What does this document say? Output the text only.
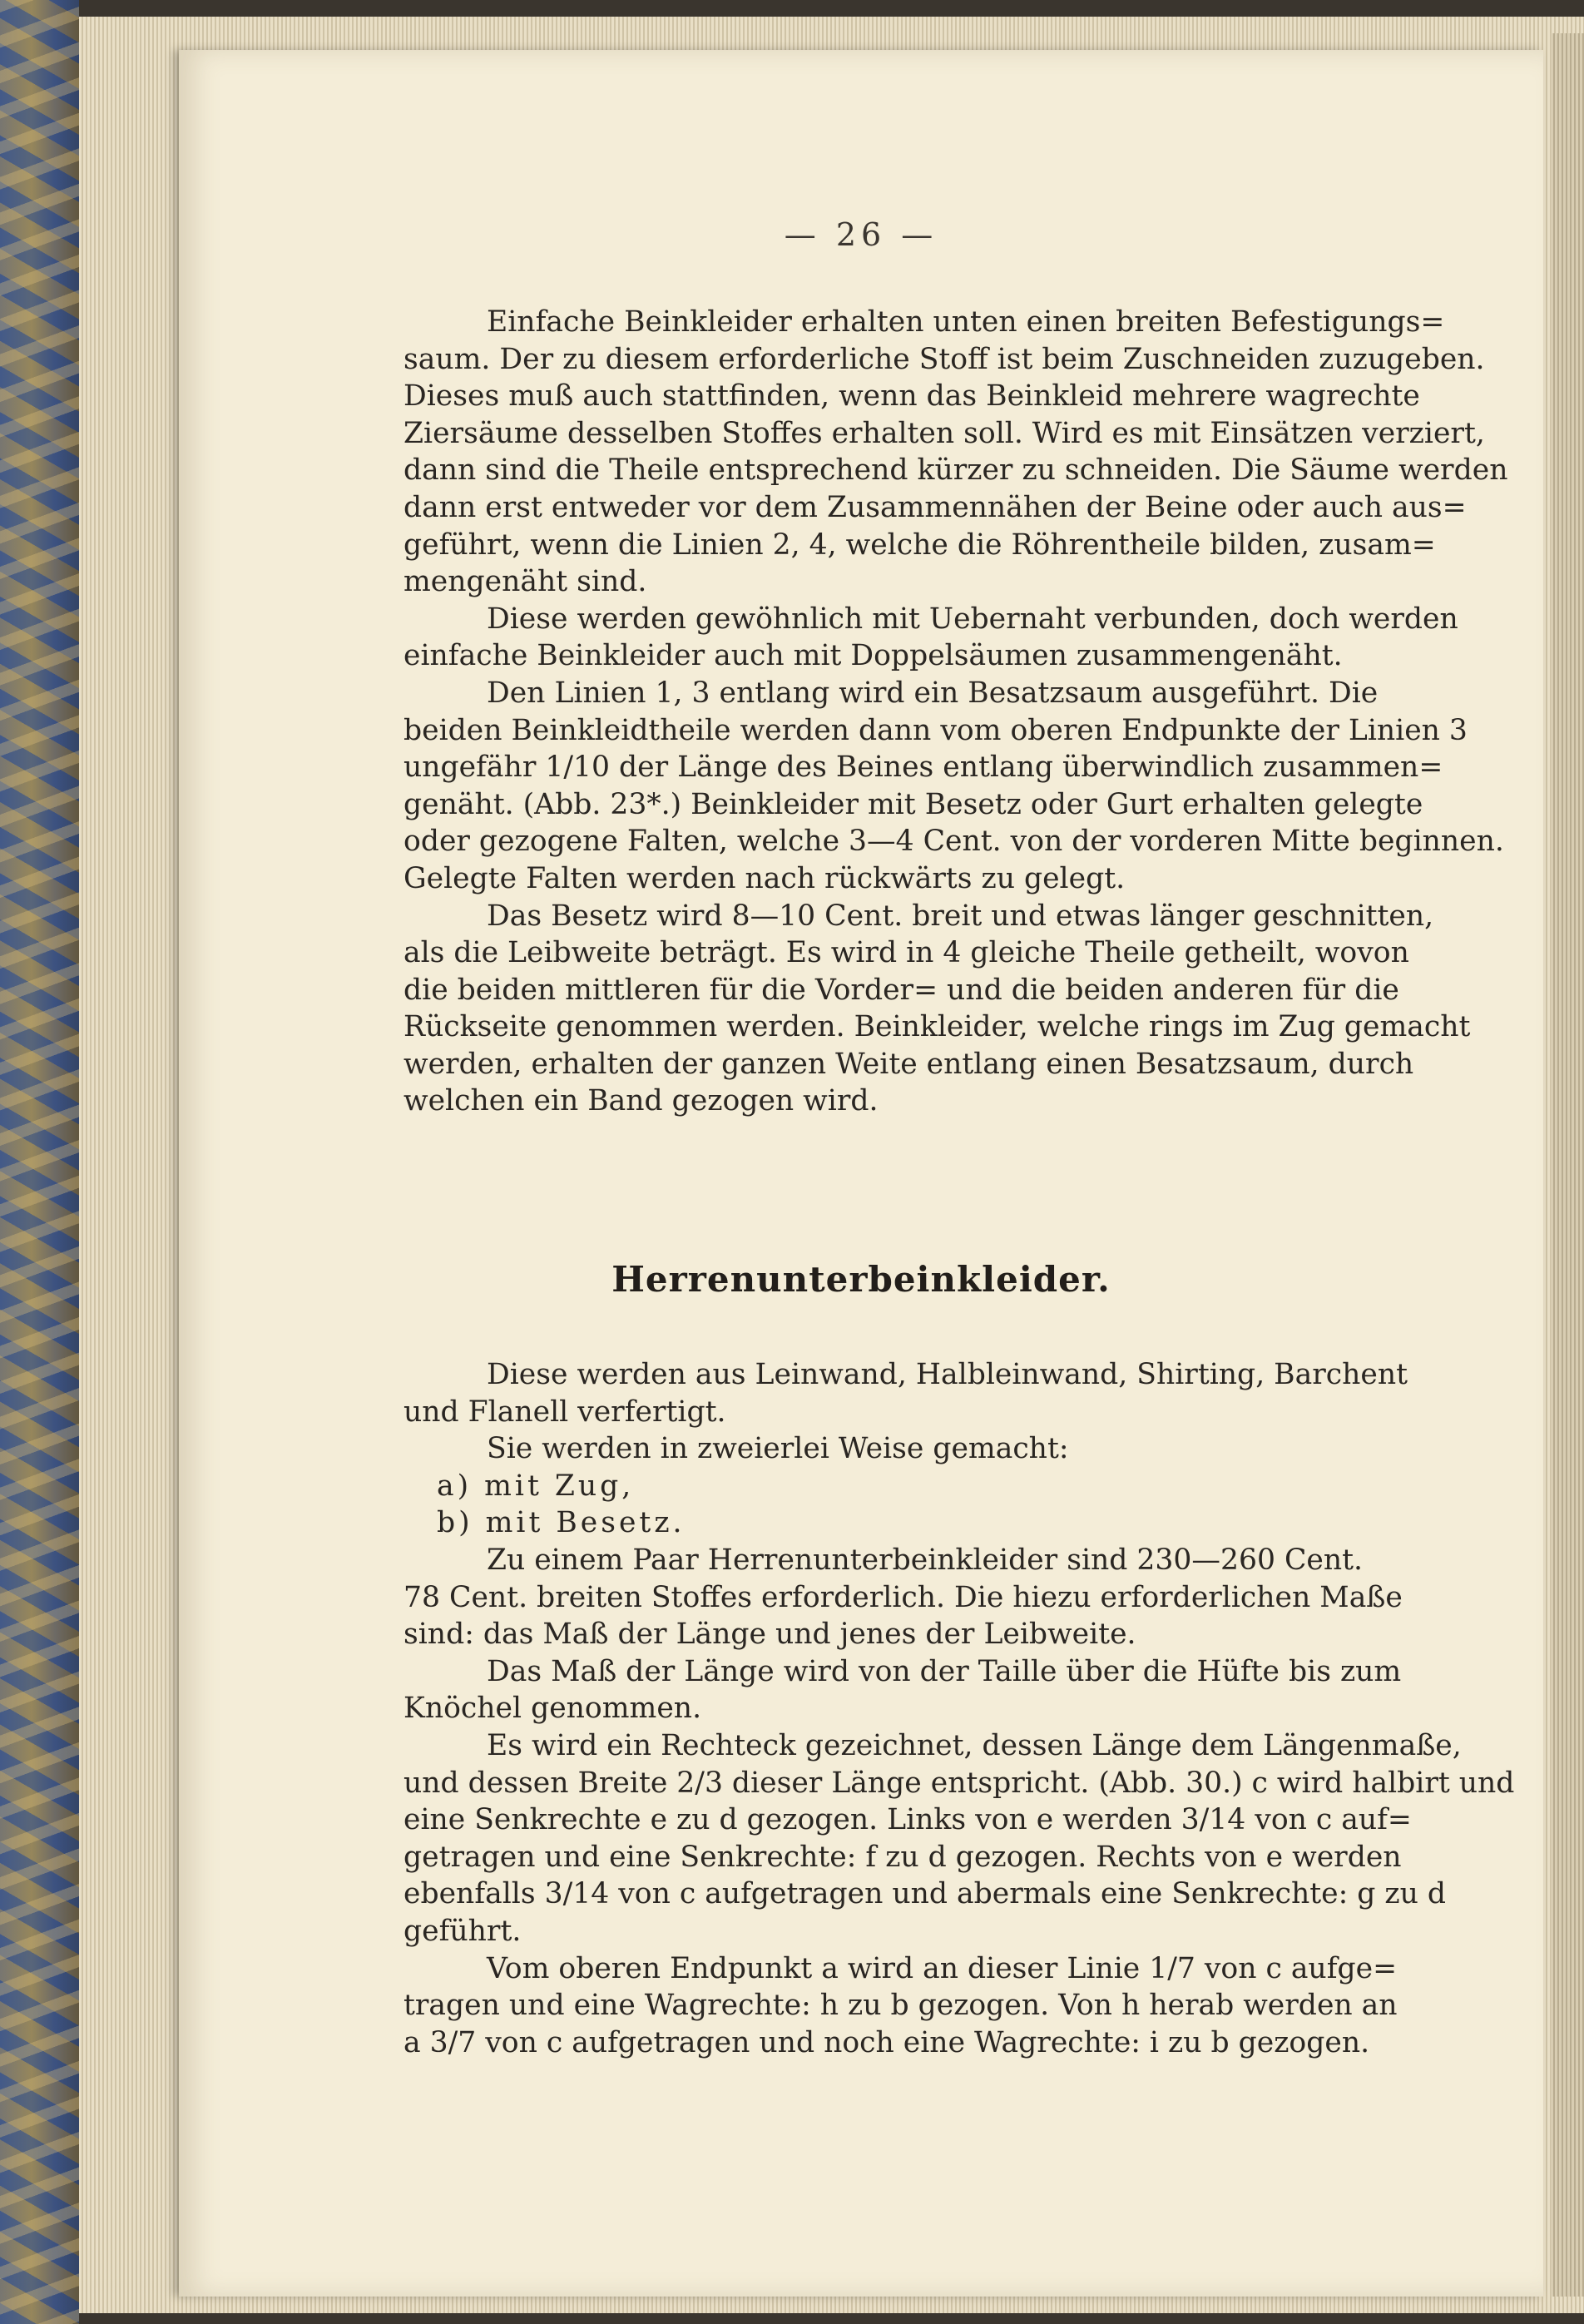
— 26 —

Einfache Beinkleider erhalten unten einen breiten Befestigungs=
saum. Der zu diesem erforderliche Stoff ist beim Zuschneiden zuzugeben.
Dieses muß auch stattfinden, wenn das Beinkleid mehrere wagrechte
Ziersäume desselben Stoffes erhalten soll. Wird es mit Einsätzen verziert,
dann sind die Theile entsprechend kürzer zu schneiden. Die Säume werden
dann erst entweder vor dem Zusammennähen der Beine oder auch aus=
geführt, wenn die Linien 2, 4, welche die Röhrentheile bilden, zusam=
mengenäht sind.

Diese werden gewöhnlich mit Uebernaht verbunden, doch werden
einfache Beinkleider auch mit Doppelsäumen zusammengenäht.

Den Linien 1, 3 entlang wird ein Besatzsaum ausgeführt. Die
beiden Beinkleidtheile werden dann vom oberen Endpunkte der Linien 3
ungefähr 1/10 der Länge des Beines entlang überwindlich zusammen=
genäht. (Abb. 23*.) Beinkleider mit Besetz oder Gurt erhalten gelegte
oder gezogene Falten, welche 3—4 Cent. von der vorderen Mitte beginnen.
Gelegte Falten werden nach rückwärts zu gelegt.

Das Besetz wird 8—10 Cent. breit und etwas länger geschnitten,
als die Leibweite beträgt. Es wird in 4 gleiche Theile getheilt, wovon
die beiden mittleren für die Vorder= und die beiden anderen für die
Rückseite genommen werden. Beinkleider, welche rings im Zug gemacht
werden, erhalten der ganzen Weite entlang einen Besatzsaum, durch
welchen ein Band gezogen wird.

Herrenunterbeinkleider.

Diese werden aus Leinwand, Halbleinwand, Shirting, Barchent
und Flanell verfertigt.

Sie werden in zweierlei Weise gemacht:

a) mit Zug,
b) mit Besetz.

Zu einem Paar Herrenunterbeinkleider sind 230—260 Cent.
78 Cent. breiten Stoffes erforderlich. Die hiezu erforderlichen Maße
sind: das Maß der Länge und jenes der Leibweite.

Das Maß der Länge wird von der Taille über die Hüfte bis zum
Knöchel genommen.

Es wird ein Rechteck gezeichnet, dessen Länge dem Längenmaße,
und dessen Breite 2/3 dieser Länge entspricht. (Abb. 30.) c wird halbirt und
eine Senkrechte e zu d gezogen. Links von e werden 3/14 von c auf=
getragen und eine Senkrechte: f zu d gezogen. Rechts von e werden
ebenfalls 3/14 von c aufgetragen und abermals eine Senkrechte: g zu d
geführt.

Vom oberen Endpunkt a wird an dieser Linie 1/7 von c aufge=
tragen und eine Wagrechte: h zu b gezogen. Von h herab werden an
a 3/7 von c aufgetragen und noch eine Wagrechte: i zu b gezogen.
